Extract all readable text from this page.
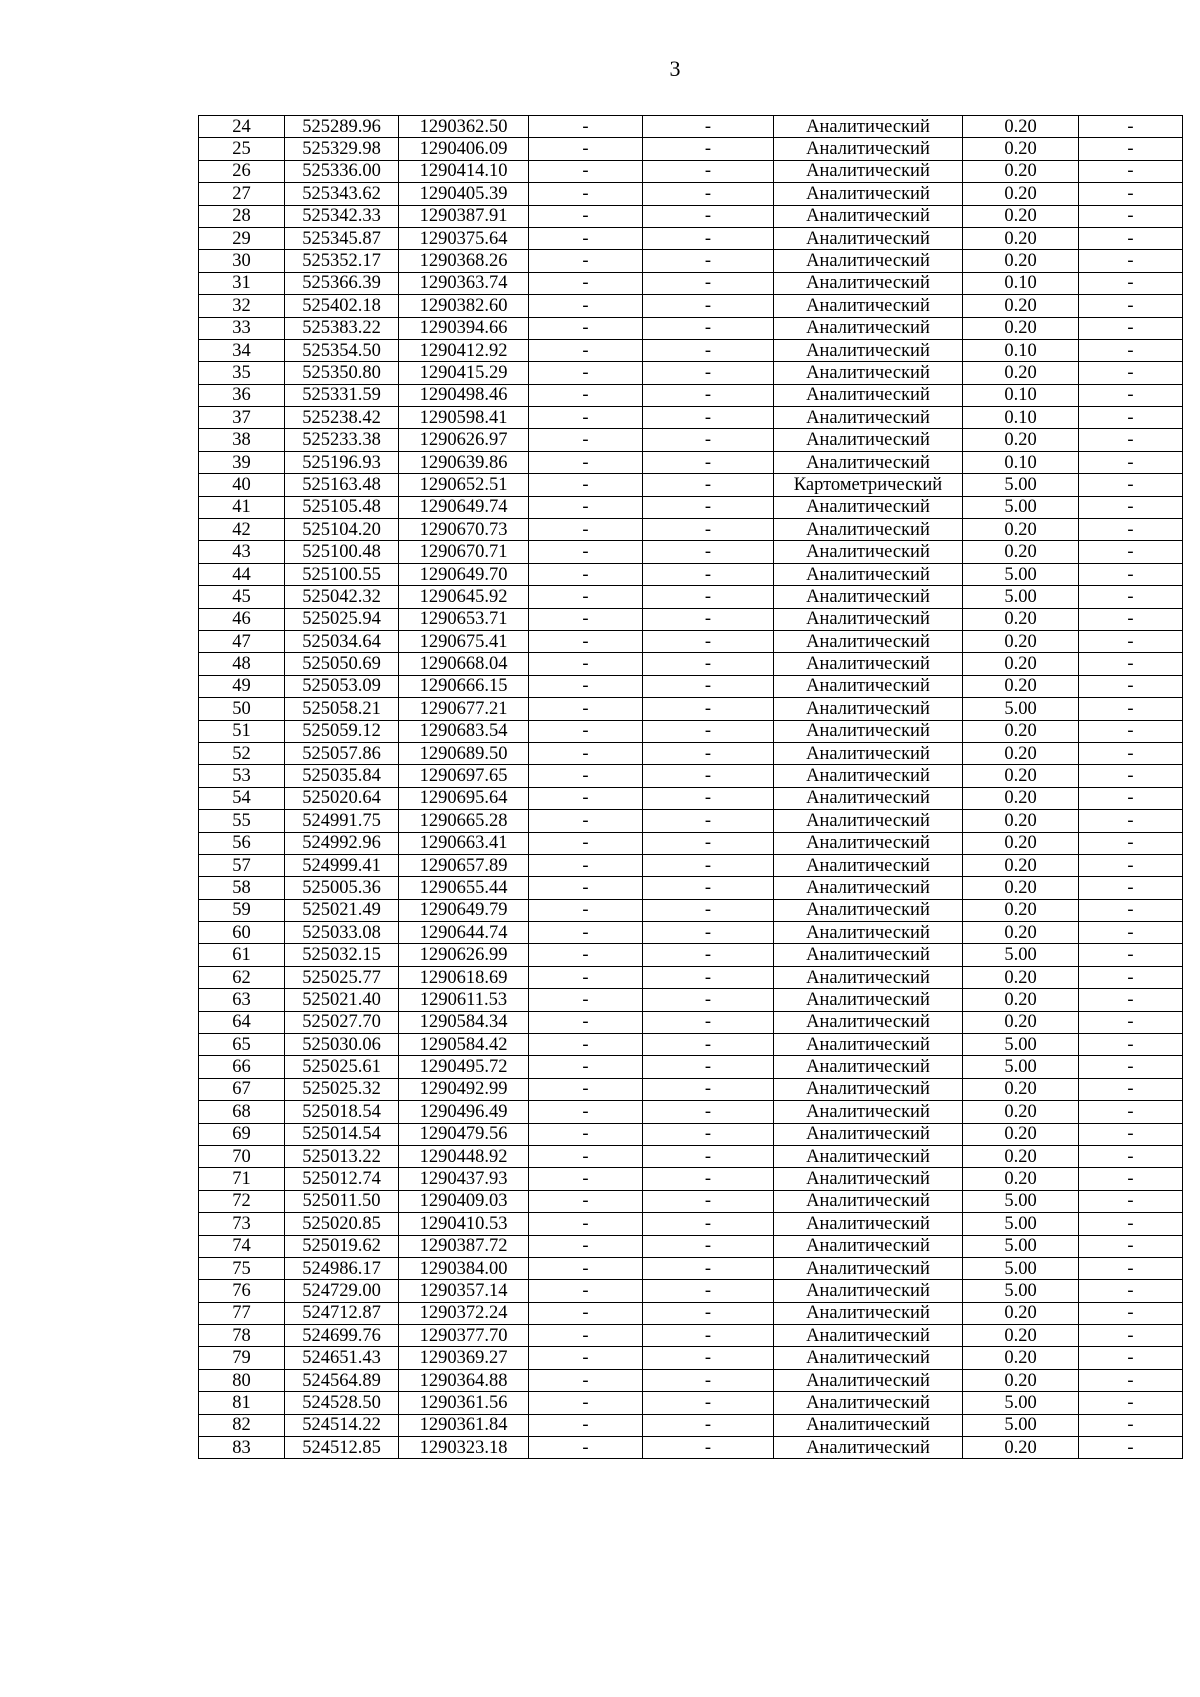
3
24	525289.96	1290362.50	-	-	Аналитический	0.20	-
25	525329.98	1290406.09	-	-	Аналитический	0.20	-
26	525336.00	1290414.10	-	-	Аналитический	0.20	-
27	525343.62	1290405.39	-	-	Аналитический	0.20	-
28	525342.33	1290387.91	-	-	Аналитический	0.20	-
29	525345.87	1290375.64	-	-	Аналитический	0.20	-
30	525352.17	1290368.26	-	-	Аналитический	0.20	-
31	525366.39	1290363.74	-	-	Аналитический	0.10	-
32	525402.18	1290382.60	-	-	Аналитический	0.20	-
33	525383.22	1290394.66	-	-	Аналитический	0.20	-
34	525354.50	1290412.92	-	-	Аналитический	0.10	-
35	525350.80	1290415.29	-	-	Аналитический	0.20	-
36	525331.59	1290498.46	-	-	Аналитический	0.10	-
37	525238.42	1290598.41	-	-	Аналитический	0.10	-
38	525233.38	1290626.97	-	-	Аналитический	0.20	-
39	525196.93	1290639.86	-	-	Аналитический	0.10	-
40	525163.48	1290652.51	-	-	Картометрический	5.00	-
41	525105.48	1290649.74	-	-	Аналитический	5.00	-
42	525104.20	1290670.73	-	-	Аналитический	0.20	-
43	525100.48	1290670.71	-	-	Аналитический	0.20	-
44	525100.55	1290649.70	-	-	Аналитический	5.00	-
45	525042.32	1290645.92	-	-	Аналитический	5.00	-
46	525025.94	1290653.71	-	-	Аналитический	0.20	-
47	525034.64	1290675.41	-	-	Аналитический	0.20	-
48	525050.69	1290668.04	-	-	Аналитический	0.20	-
49	525053.09	1290666.15	-	-	Аналитический	0.20	-
50	525058.21	1290677.21	-	-	Аналитический	5.00	-
51	525059.12	1290683.54	-	-	Аналитический	0.20	-
52	525057.86	1290689.50	-	-	Аналитический	0.20	-
53	525035.84	1290697.65	-	-	Аналитический	0.20	-
54	525020.64	1290695.64	-	-	Аналитический	0.20	-
55	524991.75	1290665.28	-	-	Аналитический	0.20	-
56	524992.96	1290663.41	-	-	Аналитический	0.20	-
57	524999.41	1290657.89	-	-	Аналитический	0.20	-
58	525005.36	1290655.44	-	-	Аналитический	0.20	-
59	525021.49	1290649.79	-	-	Аналитический	0.20	-
60	525033.08	1290644.74	-	-	Аналитический	0.20	-
61	525032.15	1290626.99	-	-	Аналитический	5.00	-
62	525025.77	1290618.69	-	-	Аналитический	0.20	-
63	525021.40	1290611.53	-	-	Аналитический	0.20	-
64	525027.70	1290584.34	-	-	Аналитический	0.20	-
65	525030.06	1290584.42	-	-	Аналитический	5.00	-
66	525025.61	1290495.72	-	-	Аналитический	5.00	-
67	525025.32	1290492.99	-	-	Аналитический	0.20	-
68	525018.54	1290496.49	-	-	Аналитический	0.20	-
69	525014.54	1290479.56	-	-	Аналитический	0.20	-
70	525013.22	1290448.92	-	-	Аналитический	0.20	-
71	525012.74	1290437.93	-	-	Аналитический	0.20	-
72	525011.50	1290409.03	-	-	Аналитический	5.00	-
73	525020.85	1290410.53	-	-	Аналитический	5.00	-
74	525019.62	1290387.72	-	-	Аналитический	5.00	-
75	524986.17	1290384.00	-	-	Аналитический	5.00	-
76	524729.00	1290357.14	-	-	Аналитический	5.00	-
77	524712.87	1290372.24	-	-	Аналитический	0.20	-
78	524699.76	1290377.70	-	-	Аналитический	0.20	-
79	524651.43	1290369.27	-	-	Аналитический	0.20	-
80	524564.89	1290364.88	-	-	Аналитический	0.20	-
81	524528.50	1290361.56	-	-	Аналитический	5.00	-
82	524514.22	1290361.84	-	-	Аналитический	5.00	-
83	524512.85	1290323.18	-	-	Аналитический	0.20	-
